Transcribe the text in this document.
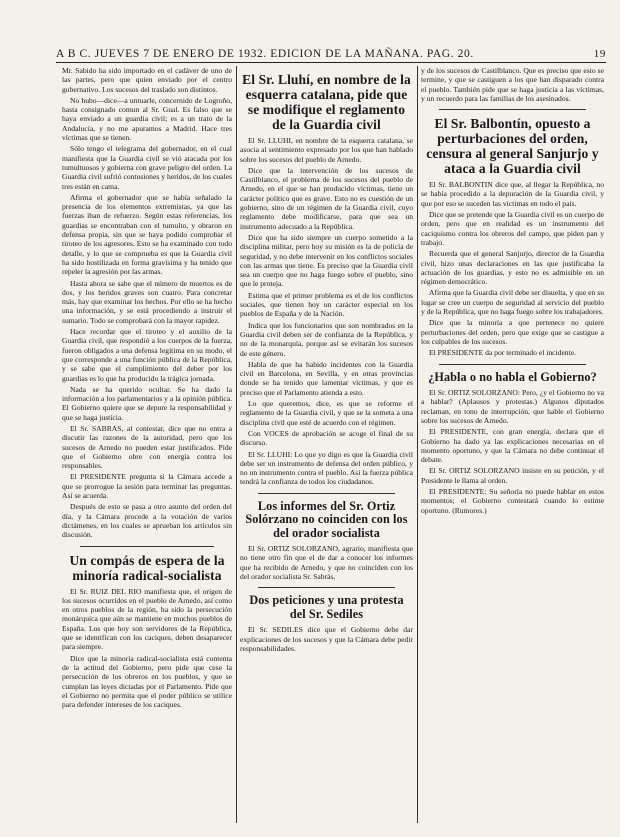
A B C. JUEVES 7 DE ENERO DE 1932. EDICION DE LA MAÑANA. PAG. 20.	19

Mr. Sabido ha sido importado en el cadáver de uno de las partes, pero que quien enviado por el centro gubernativo. Los sucesos del traslado son distintos.

No hubo—dice—a untuarle, concernido de Logroño, hasta consignado comun al Sr. Gual. Es falso que se haya enviado a un guardia civil; es a un trato de la Andalucía, y no me apuramos a Madrid. Hace tres víctimas que se tienen.

Sólo tengo el telegrama del gobernador, en el cual manifiesta que la Guardia civil se vió atacada por los tumultuosos y gobierna con grave peligro del orden. La Guardia civil sufrió contusiones y heridos, de los cuales tres están en cama.

Afirma el gobernador que se había señalado la presencia de los elementos extremistas, ya que las fuerzas iban de refuerzo. Según estas referencias, los guardias se encontraban con el tumulto, y obraron en defensa propia, sin que se haya podido comprobar el tiroteo de los agresores. Esto se ha examinado con todo detalle, y lo que se comprueba es que la Guardia civil ha sido hostilizada en forma gravísima y ha tenido que repeler la agresión por las armas.

Hasta ahora se sabe que el número de muertos es de dos, y los heridos graves son cuatro. Para concretar más, hay que examinar los hechos. Por ello se ha hecho una información, y se está procediendo a instruir el sumario. Todo se comprobará con la mayor rapidez.

Hace recordar que el tiroteo y el auxilio de la Guardia civil, que respondió a los cuerpos de la fuerza, fueron obligados a una defensa legítima en su modo, el que corresponde a una función pública de la República, y se sabe que el cumplimiento del deber por los guardias es lo que ha producido la trágica jornada.

Nada se ha querido ocultar. Se ha dado la información a los parlamentarios y a la opinión pública. El Gobierno quiere que se depure la responsabilidad y que se haga justicia.

El Sr. SABRAS, al contestar, dice que no entra a discutir las razones de la autoridad, pero que los sucesos de Arnedo no pueden estar justificados. Pide que el Gobierno obre con energía contra los responsables.

El PRESIDENTE pregunta si la Cámara accede a que se prorrogue la sesión para terminar las preguntas. Así se acuerda.

Después de esto se pasa a otro asunto del orden del día, y la Cámara procede a la votación de varios dictámenes, en los cuales se aprueban los artículos sin discusión.

Un compás de espera de la minoría radical-socialista

El Sr. RUIZ DEL RIO manifiesta que, el origen de los sucesos ocurridos en el pueblo de Arnedo, así como en otros pueblos de la región, ha sido la persecución monárquica que aún se mantiene en muchos pueblos de España. Los que hoy son servidores de la República, que se identifican con los caciques, deben desaparecer para siempre.

Dice que la minoría radical-socialista está contenta de la actitud del Gobierno, pero pide que cese la persecución de los obreros en los pueblos, y que se cumplan las leyes dictadas por el Parlamento. Pide que el Gobierno no permita que el poder público se utilice para defender intereses de los caciques.

El Sr. Lluhí, en nombre de la esquerra catalana, pide que se modifique el reglamento de la Guardia civil

El Sr. LLUHI, en nombre de la esquerra catalana, se asocia al sentimiento expresado por los que han hablado sobre los sucesos del pueblo de Arnedo.

Dice que la intervención de los sucesos de Castilblanco, el problema de los sucesos del pueblo de Arnedo, en el que se han producido víctimas, tiene un carácter político que es grave. Esto no es cuestión de un gobierno, sino de un régimen de la Guardia civil, cuyo reglamento debe modificarse, para que sea un instrumento adecuado a la República.

Dice que ha sido siempre un cuerpo sometido a la disciplina militar, pero hoy su misión es la de policía de seguridad, y no debe intervenir en los conflictos sociales con las armas que tiene. Es preciso que la Guardia civil sea un cuerpo que no haga fuego sobre el pueblo, sino que le proteja.

Estima que el primer problema es el de los conflictos sociales, que tienen hoy un carácter especial en los pueblos de España y de la Nación.

Indica que los funcionarios que son nombrados en la Guardia civil deben ser de confianza de la República, y no de la monarquía, porque así se evitarán los sucesos de este género.

Habla de que ha habido incidentes con la Guardia civil en Barcelona, en Sevilla, y en otras provincias donde se ha tenido que lamentar víctimas, y que es preciso que el Parlamento atienda a esto.

Lo que queremos, dice, es que se reforme el reglamento de la Guardia civil, y que se la someta a una disciplina civil que esté de acuerdo con el régimen.

Con VOCES de aprobación se acoge el final de su discurso.

El Sr. LLUHI: Lo que yo digo es que la Guardia civil debe ser un instrumento de defensa del orden público, y no un instrumento contra el pueblo. Así la fuerza pública tendrá la confianza de todos los ciudadanos.

Los informes del Sr. Ortiz Solórzano no coinciden con los del orador socialista

El Sr. ORTIZ SOLORZANO, agrario, manifiesta que no tiene otro fin que el de dar a conocer los informes que ha recibido de Arnedo, y que no coinciden con los del orador socialista Sr. Sabrás.

Dos peticiones y una protesta del Sr. Sediles

El Sr. SEDILES dice que el Gobierno debe dar explicaciones de los sucesos y que la Cámara debe pedir responsabilidades.

y de los sucesos de Castilblanco. Que es preciso que esto se termine, y que se castiguen a los que han disparado contra el pueblo. También pide que se haga justicia a las víctimas, y un recuerdo para las familias de los asesinados.

El Sr. Balbontín, opuesto a perturbaciones del orden, censura al general Sanjurjo y ataca a la Guardia civil

El Sr. BALBONTIN dice que, al llegar la República, no se había procedido a la depuración de la Guardia civil, y que por eso se suceden las víctimas en todo el país.

Dice que se pretende que la Guardia civil es un cuerpo de orden, pero que en realidad es un instrumento del caciquismo contra los obreros del campo, que piden pan y trabajo.

Recuerda que el general Sanjurjo, director de la Guardia civil, hizo unas declaraciones en las que justificaba la actuación de los guardias, y esto no es admisible en un régimen democrático.

Afirma que la Guardia civil debe ser disuelta, y que en su lugar se cree un cuerpo de seguridad al servicio del pueblo y de la República, que no haga fuego sobre los trabajadores.

Dice que la minoría a que pertenece no quiere perturbaciones del orden, pero que exige que se castigue a los culpables de los sucesos.

El PRESIDENTE da por terminado el incidente.

¿Habla o no habla el Gobierno?

El Sr. ORTIZ SOLORZANO: Pero, ¿y el Gobierno no va a hablar? (Aplausos y protestas.) Algunos diputados reclaman, en tono de interrupción, que hable el Gobierno sobre los sucesos de Arnedo.

El PRESIDENTE, con gran energía, declara que el Gobierno ha dado ya las explicaciones necesarias en el momento oportuno, y que la Cámara no debe continuar el debate.

El Sr. ORTIZ SOLORZANO insiste en su petición, y el Presidente le llama al orden.

El PRESIDENTE: Su señoría no puede hablar en estos momentos; el Gobierno contestará cuando lo estime oportuno. (Rumores.)
